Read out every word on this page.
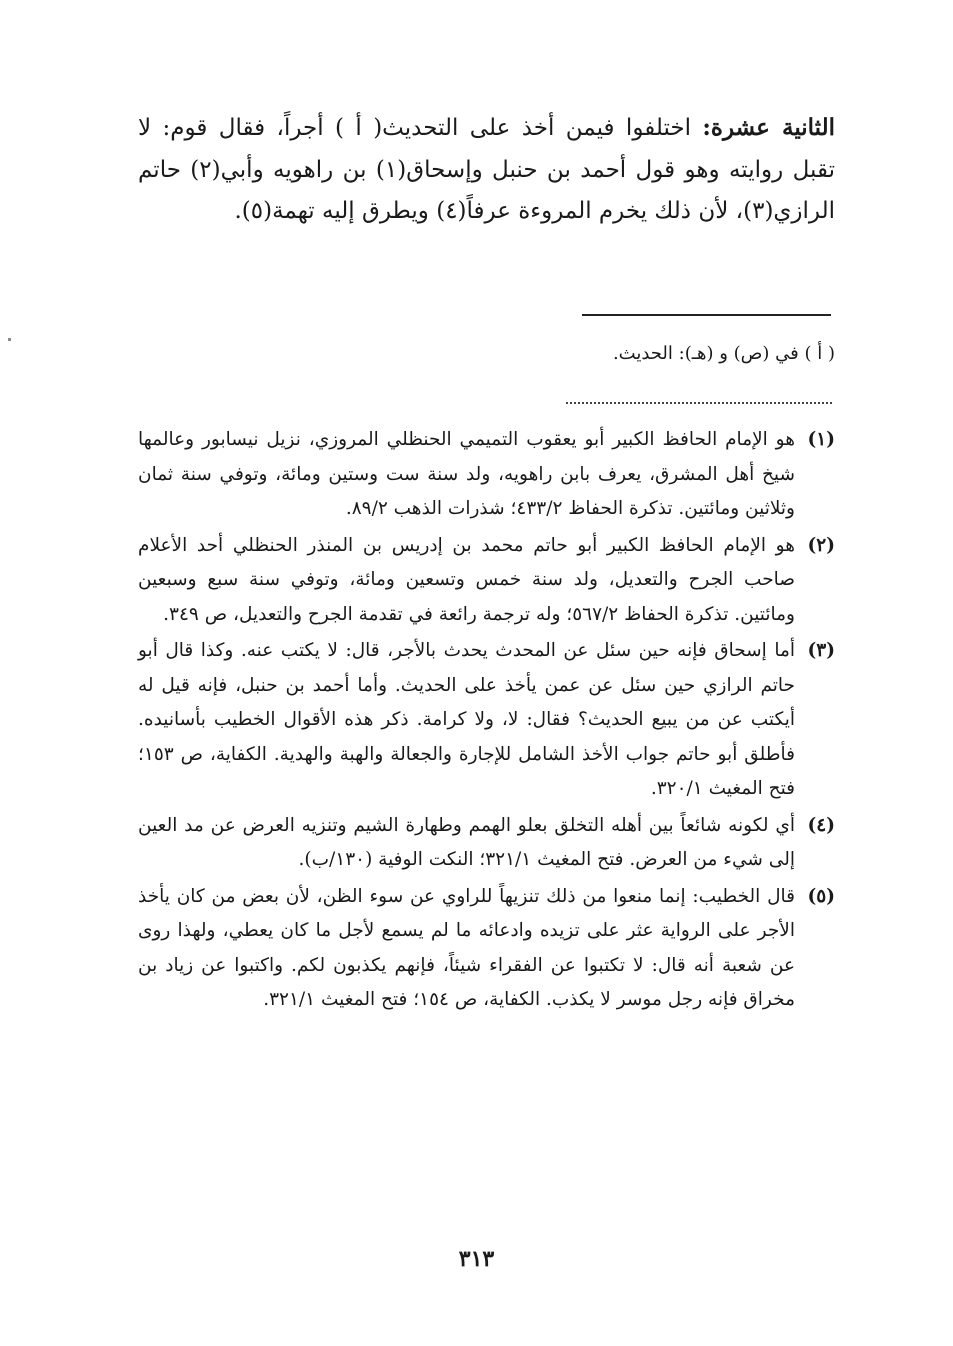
الثانية عشرة: اختلفوا فيمن أخذ على التحديث( أ ) أجراً، فقال قوم: لا تقبل روايته وهو قول أحمد بن حنبل وإسحاق(١) بن راهويه وأبي(٢) حاتم الرازي(٣)، لأن ذلك يخرم المروءة عرفاً(٤) ويطرق إليه تهمة(٥).

( أ ) في (ص) و (هـ): الحديث.

(١)
هو الإمام الحافظ الكبير أبو يعقوب التميمي الحنظلي المروزي، نزيل نيسابور وعالمها شيخ أهل المشرق، يعرف بابن راهويه، ولد سنة ست وستين ومائة، وتوفي سنة ثمان وثلاثين ومائتين. تذكرة الحفاظ ٤٣٣/٢؛ شذرات الذهب ٨٩/٢.
(٢)
هو الإمام الحافظ الكبير أبو حاتم محمد بن إدريس بن المنذر الحنظلي أحد الأعلام صاحب الجرح والتعديل، ولد سنة خمس وتسعين ومائة، وتوفي سنة سبع وسبعين ومائتين. تذكرة الحفاظ ٥٦٧/٢؛ وله ترجمة رائعة في تقدمة الجرح والتعديل، ص ٣٤٩.
(٣)
أما إسحاق فإنه حين سئل عن المحدث يحدث بالأجر، قال: لا يكتب عنه. وكذا قال أبو حاتم الرازي حين سئل عن عمن يأخذ على الحديث. وأما أحمد بن حنبل، فإنه قيل له أيكتب عن من يبيع الحديث؟ فقال: لا، ولا كرامة. ذكر هذه الأقوال الخطيب بأسانيده. فأطلق أبو حاتم جواب الأخذ الشامل للإجارة والجعالة والهبة والهدية. الكفاية، ص ١٥٣؛ فتح المغيث ٣٢٠/١.
(٤)
أي لكونه شائعاً بين أهله التخلق بعلو الهمم وطهارة الشيم وتنزيه العرض عن مد العين إلى شيء من العرض. فتح المغيث ٣٢١/١؛ النكت الوفية (١٣٠/ب).
(٥)
قال الخطيب: إنما منعوا من ذلك تنزيهاً للراوي عن سوء الظن، لأن بعض من كان يأخذ الأجر على الرواية عثر على تزيده وادعائه ما لم يسمع لأجل ما كان يعطي، ولهذا روى عن شعبة أنه قال: لا تكتبوا عن الفقراء شيئاً، فإنهم يكذبون لكم. واكتبوا عن زياد بن مخراق فإنه رجل موسر لا يكذب. الكفاية، ص ١٥٤؛ فتح المغيث ٣٢١/١.
٣١٣
